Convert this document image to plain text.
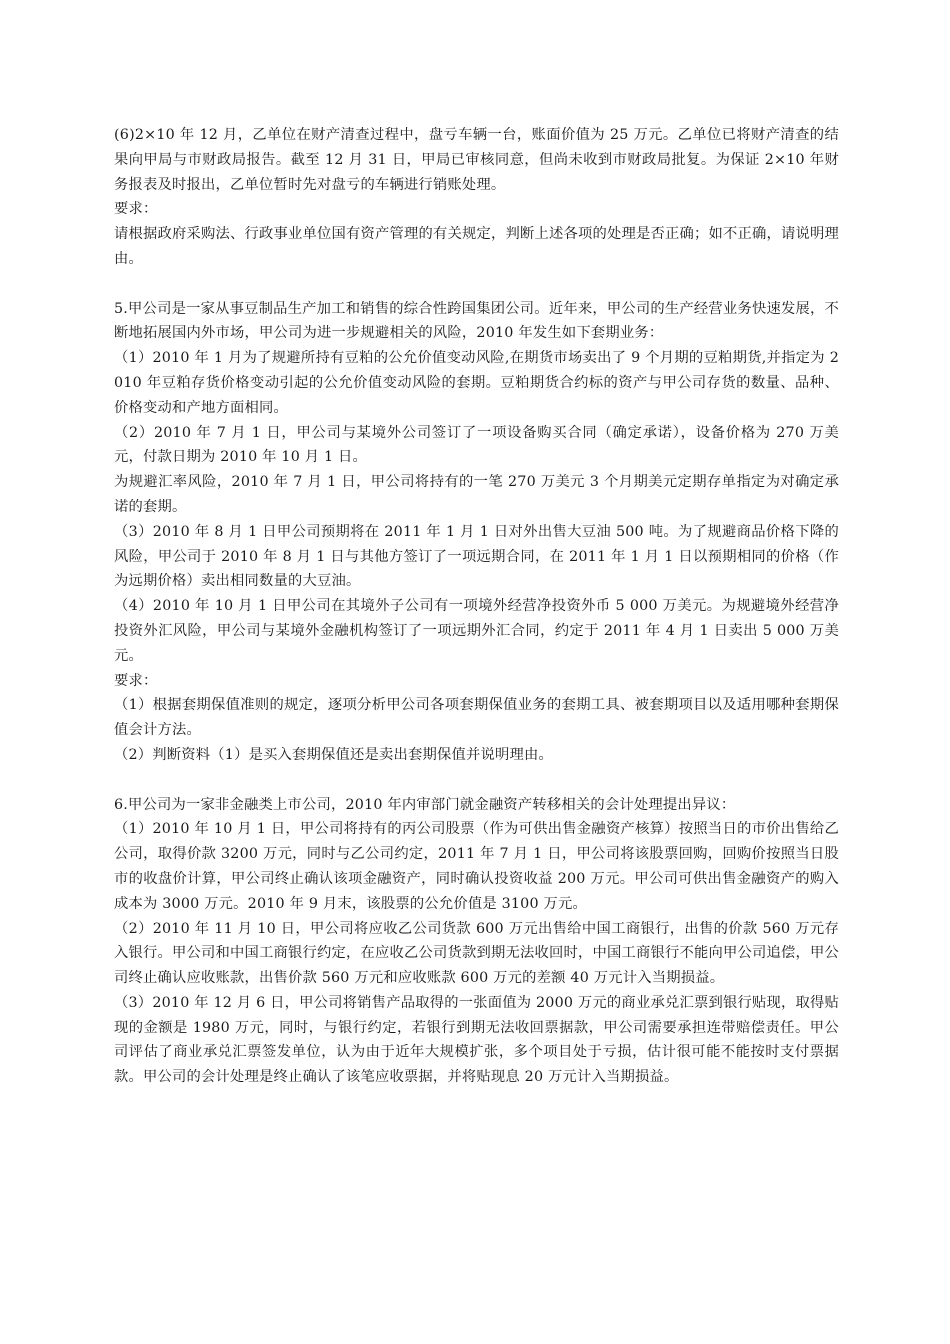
(6)2×10 年 12 月，乙单位在财产清查过程中，盘亏车辆一台，账面价值为 25 万元。乙单位已将财产清查的结果向甲局与市财政局报告。截至 12 月 31 日，甲局已审核同意，但尚未收到市财政局批复。为保证 2×10 年财务报表及时报出，乙单位暂时先对盘亏的车辆进行销账处理。

要求：

请根据政府采购法、行政事业单位国有资产管理的有关规定，判断上述各项的处理是否正确；如不正确，请说明理由。

5.甲公司是一家从事豆制品生产加工和销售的综合性跨国集团公司。近年来，甲公司的生产经营业务快速发展，不断地拓展国内外市场，甲公司为进一步规避相关的风险，2010 年发生如下套期业务：

（1）2010 年 1 月为了规避所持有豆粕的公允价值变动风险,在期货市场卖出了 9 个月期的豆粕期货,并指定为 2010 年豆粕存货价格变动引起的公允价值变动风险的套期。豆粕期货合约标的资产与甲公司存货的数量、品种、价格变动和产地方面相同。

（2）2010 年 7 月 1 日，甲公司与某境外公司签订了一项设备购买合同（确定承诺），设备价格为 270 万美元，付款日期为 2010 年 10 月 1 日。

为规避汇率风险，2010 年 7 月 1 日，甲公司将持有的一笔 270 万美元 3 个月期美元定期存单指定为对确定承诺的套期。

（3）2010 年 8 月 1 日甲公司预期将在 2011 年 1 月 1 日对外出售大豆油 500 吨。为了规避商品价格下降的风险，甲公司于 2010 年 8 月 1 日与其他方签订了一项远期合同，在 2011 年 1 月 1 日以预期相同的价格（作为远期价格）卖出相同数量的大豆油。

（4）2010 年 10 月 1 日甲公司在其境外子公司有一项境外经营净投资外币 5 000 万美元。为规避境外经营净投资外汇风险，甲公司与某境外金融机构签订了一项远期外汇合同，约定于 2011 年 4 月 1 日卖出 5 000 万美元。

要求：

（1）根据套期保值准则的规定，逐项分析甲公司各项套期保值业务的套期工具、被套期项目以及适用哪种套期保值会计方法。

（2）判断资料（1）是买入套期保值还是卖出套期保值并说明理由。

6.甲公司为一家非金融类上市公司，2010 年内审部门就金融资产转移相关的会计处理提出异议：

（1）2010 年 10 月 1 日，甲公司将持有的丙公司股票（作为可供出售金融资产核算）按照当日的市价出售给乙公司，取得价款 3200 万元，同时与乙公司约定，2011 年 7 月 1 日，甲公司将该股票回购，回购价按照当日股市的收盘价计算，甲公司终止确认该项金融资产，同时确认投资收益 200 万元。甲公司可供出售金融资产的购入成本为 3000 万元。2010 年 9 月末，该股票的公允价值是 3100 万元。

（2）2010 年 11 月 10 日，甲公司将应收乙公司货款 600 万元出售给中国工商银行，出售的价款 560 万元存入银行。甲公司和中国工商银行约定，在应收乙公司货款到期无法收回时，中国工商银行不能向甲公司追偿，甲公司终止确认应收账款，出售价款 560 万元和应收账款 600 万元的差额 40 万元计入当期损益。

（3）2010 年 12 月 6 日，甲公司将销售产品取得的一张面值为 2000 万元的商业承兑汇票到银行贴现，取得贴现的金额是 1980 万元，同时，与银行约定，若银行到期无法收回票据款，甲公司需要承担连带赔偿责任。甲公司评估了商业承兑汇票签发单位，认为由于近年大规模扩张，多个项目处于亏损，估计很可能不能按时支付票据款。甲公司的会计处理是终止确认了该笔应收票据，并将贴现息 20 万元计入当期损益。
